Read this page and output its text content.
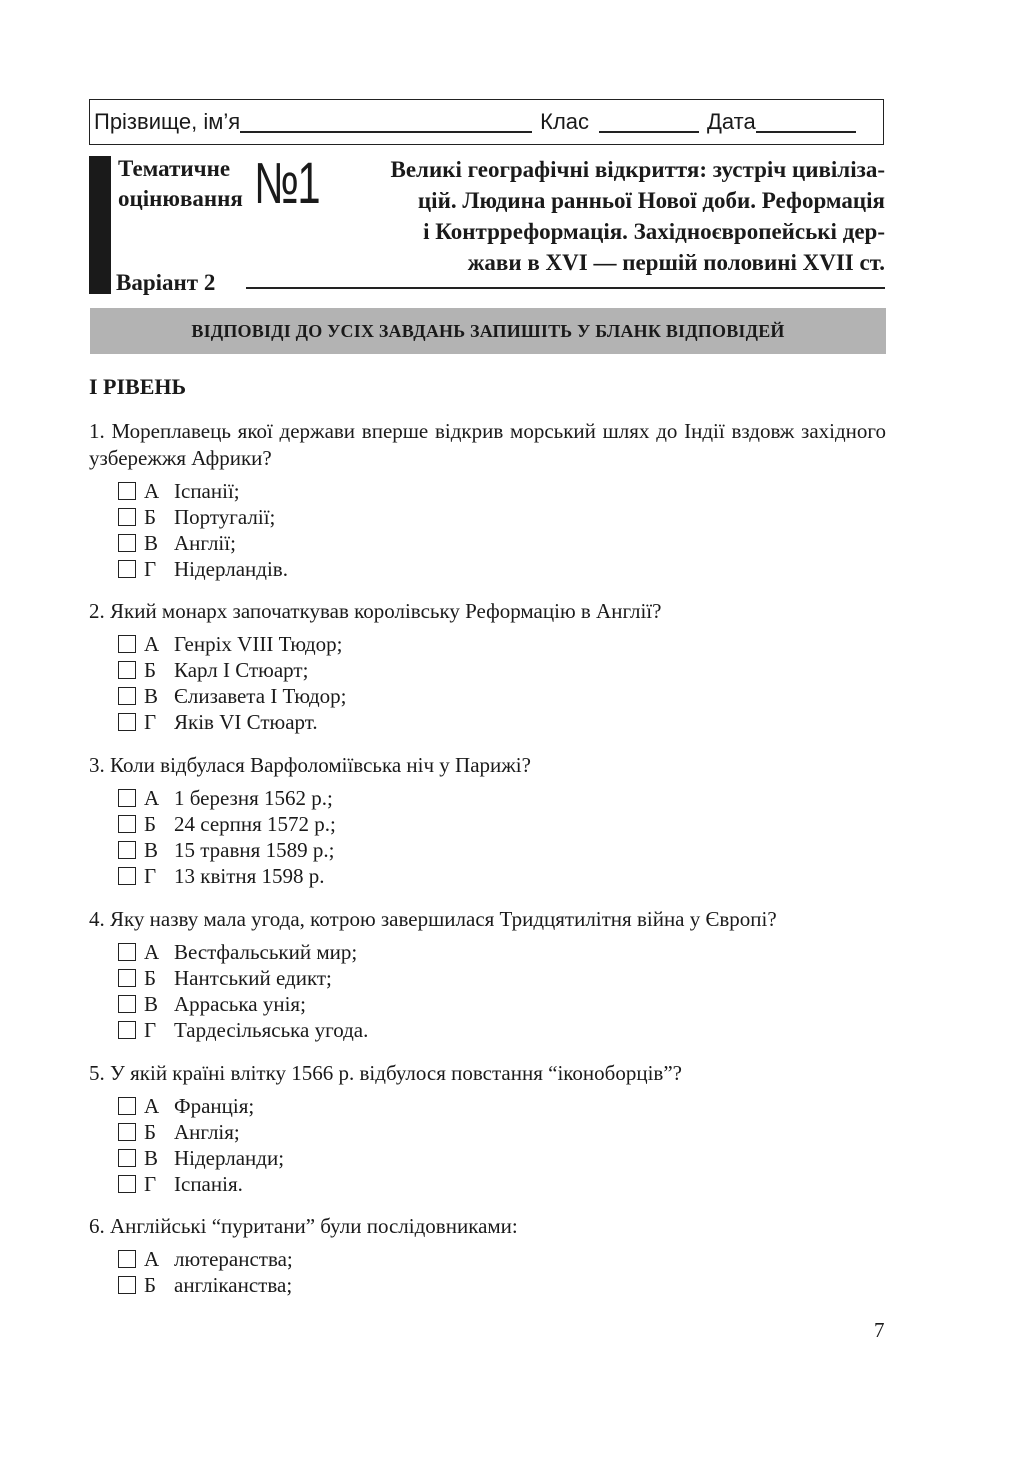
Прізвище, ім’я	Клас	Дата
Тематичне
оцінювання №1	Великі географічні відкриття: зустріч цивіліза-
цій. Людина ранньої Нової доби. Реформація
і Контрреформація. Західноєвропейські дер-
жави в XVI — першій половині XVII ст.
Варіант 2
ВІДПОВІДІ ДО УСІХ ЗАВДАНЬ ЗАПИШІТЬ У БЛАНК ВІДПОВІДЕЙ
І РІВЕНЬ
1. Мореплавець якої держави вперше відкрив морський шлях до Індії вздовж західного узбережжя Африки?
А Іспанії;
Б Португалії;
В Англії;
Г Нідерландів.
2. Який монарх започаткував королівську Реформацію в Англії?
А Генріх VIII Тюдор;
Б Карл I Стюарт;
В Єлизавета I Тюдор;
Г Яків VI Стюарт.
3. Коли відбулася Варфоломіївська ніч у Парижі?
А 1 березня 1562 р.;
Б 24 серпня 1572 р.;
В 15 травня 1589 р.;
Г 13 квітня 1598 р.
4. Яку назву мала угода, котрою завершилася Тридцятилітня війна у Європі?
А Вестфальський мир;
Б Нантський едикт;
В Арраська унія;
Г Тардесільяська угода.
5. У якій країні влітку 1566 р. відбулося повстання “іконоборців”?
А Франція;
Б Англія;
В Нідерланди;
Г Іспанія.
6. Англійські “пуритани” були послідовниками:
А лютеранства;
Б англіканства;
7
